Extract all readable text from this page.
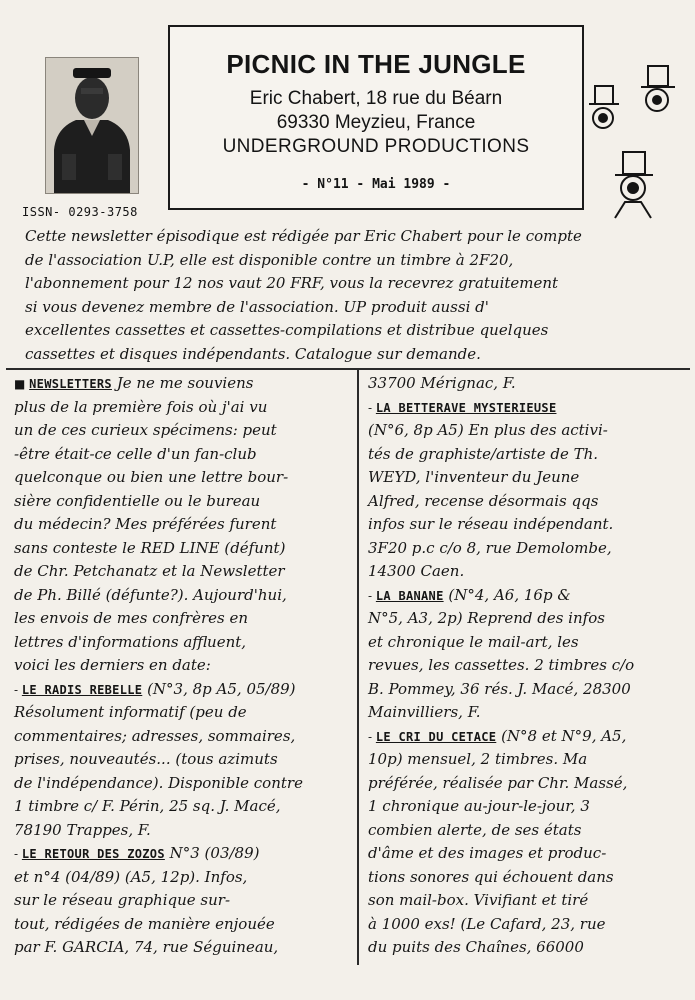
PICNIC IN THE JUNGLE
Eric Chabert, 18 rue du Béarn
69330 Meyzieu, France
UNDERGROUND PRODUCTIONS
- N°11 - Mai 1989 -
ISSN- 0293-3758
Cette newsletter épisodique est rédigée par Eric Chabert pour le compte
de l'association U.P, elle est disponible contre un timbre à 2F20,
l'abonnement pour 12 nos vaut 20 FRF, vous la recevrez gratuitement
si vous devenez membre de l'association. UP produit aussi d'
excellentes cassettes et cassettes-compilations et distribue quelques
cassettes et disques indépendants. Catalogue sur demande.
■ NEWSLETTERS Je ne me souviens
plus de la première fois où j'ai vu
un de ces curieux spécimens: peut
-être était-ce celle d'un fan-club
quelconque ou bien une lettre bour-
sière confidentielle ou le bureau
du médecin? Mes préférées furent
sans conteste le RED LINE (défunt)
de Chr. Petchanatz et la Newsletter
de Ph. Billé (défunte?). Aujourd'hui,
les envois de mes confrères en
lettres d'informations affluent,
voici les derniers en date:
- LE RADIS REBELLE (N°3, 8p A5, 05/89)
Résolument informatif (peu de
commentaires; adresses, sommaires,
prises, nouveautés... (tous azimuts
de l'indépendance). Disponible contre
1 timbre c/ F. Périn, 25 sq. J. Macé,
78190 Trappes, F.
- LE RETOUR DES ZOZOS N°3 (03/89)
et n°4 (04/89) (A5, 12p). Infos,
sur le réseau graphique sur-
tout, rédigées de manière enjouée
par F. GARCIA, 74, rue Séguineau,
33700 Mérignac, F.
- LA BETTERAVE MYSTERIEUSE
(N°6, 8p A5) En plus des activi-
tés de graphiste/artiste de Th.
WEYD, l'inventeur du Jeune
Alfred, recense désormais qqs
infos sur le réseau indépendant.
3F20 p.c c/o 8, rue Demolombe,
14300 Caen.
- LA BANANE (N°4, A6, 16p &
N°5, A3, 2p) Reprend des infos
et chronique le mail-art, les
revues, les cassettes. 2 timbres c/o
B. Pommey, 36 rés. J. Macé, 28300
Mainvilliers, F.
- LE CRI DU CETACE (N°8 et N°9, A5,
10p) mensuel, 2 timbres. Ma
préférée, réalisée par Chr. Massé,
1 chronique au-jour-le-jour, 3
combien alerte, de ses états
d'âme et des images et produc-
tions sonores qui échouent dans
son mail-box. Vivifiant et tiré
à 1000 exs! (Le Cafard, 23, rue
du puits des Chaînes, 66000
